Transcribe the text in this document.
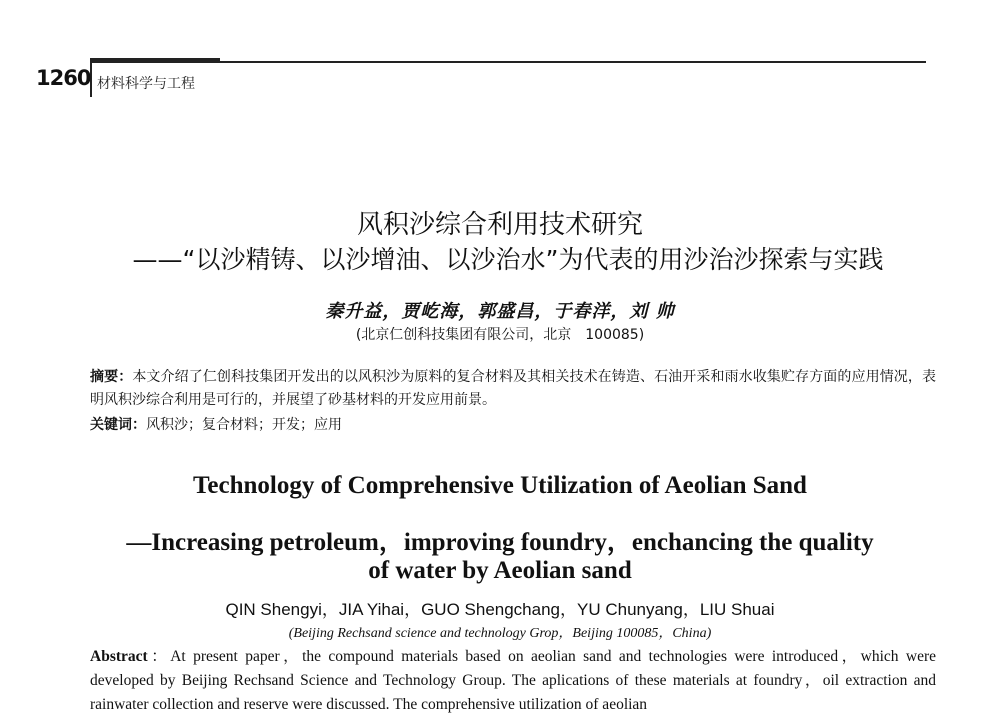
1260 材料科学与工程
风积沙综合利用技术研究
——“以沙精铸、以沙增油、以沙治水”为代表的用沙治沙探索与实践
秦升益，贾屹海，郭盛昌，于春洋，刘 帅
(北京仁创科技集团有限公司，北京　100085)
摘要：本文介绍了仁创科技集团开发出的以风积沙为原料的复合材料及其相关技术在铸造、石油开采和雨水收集贮存方面的应用情况，表明风积沙综合利用是可行的，并展望了砂基材料的开发应用前景。
关键词：风积沙；复合材料；开发；应用
Technology of Comprehensive Utilization of Aeolian Sand
—Increasing petroleum，improving foundry，enchancing the quality
of water by Aeolian sand
QIN Shengyi，JIA Yihai，GUO Shengchang，YU Chunyang，LIU Shuai
(Beijing Rechsand science and technology Grop，Beijing 100085，China)
Abstract：At present paper，the compound materials based on aeolian sand and technologies were introduced，which were developed by Beijing Rechsand Science and Technology Group. The aplications of these materials at foundry，oil extraction and rainwater collection and reserve were discussed. The comprehensive utilization of aeolian
